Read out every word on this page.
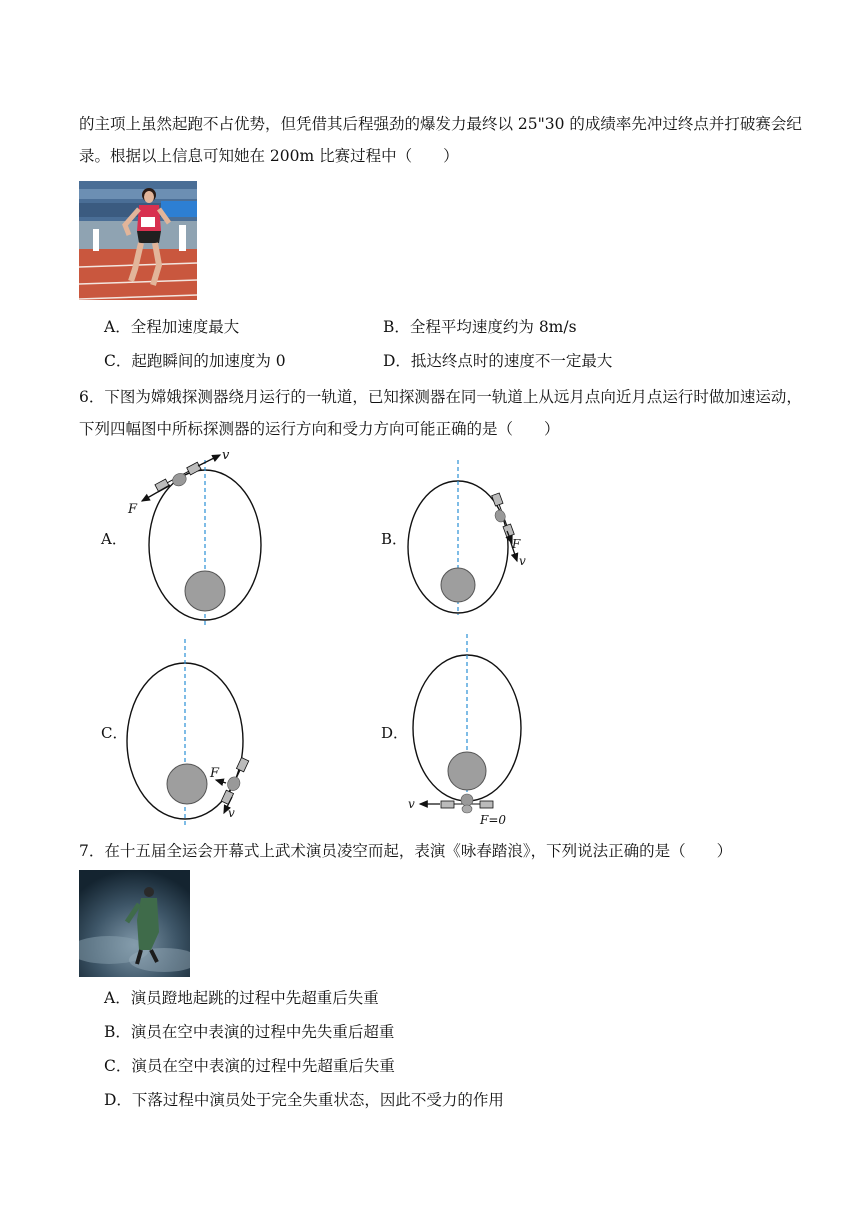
的主项上虽然起跑不占优势，但凭借其后程强劲的爆发力最终以 25"30 的成绩率先冲过终点并打破赛会纪
录。根据以上信息可知她在 200m 比赛过程中（　　）
A．全程加速度最大	B．全程平均速度约为 8m/s
C．起跑瞬间的加速度为 0	D．抵达终点时的速度不一定最大
6．下图为嫦娥探测器绕月运行的一轨道，已知探测器在同一轨道上从远月点向近月点运行时做加速运动，
下列四幅图中所标探测器的运行方向和受力方向可能正确的是（　　）
A．	B．
C．	D．
v
F
F
v
F
v
v
F=0
7．在十五届全运会开幕式上武术演员凌空而起，表演《咏春踏浪》，下列说法正确的是（　　）
A．演员蹬地起跳的过程中先超重后失重
B．演员在空中表演的过程中先失重后超重
C．演员在空中表演的过程中先超重后失重
D．下落过程中演员处于完全失重状态，因此不受力的作用
